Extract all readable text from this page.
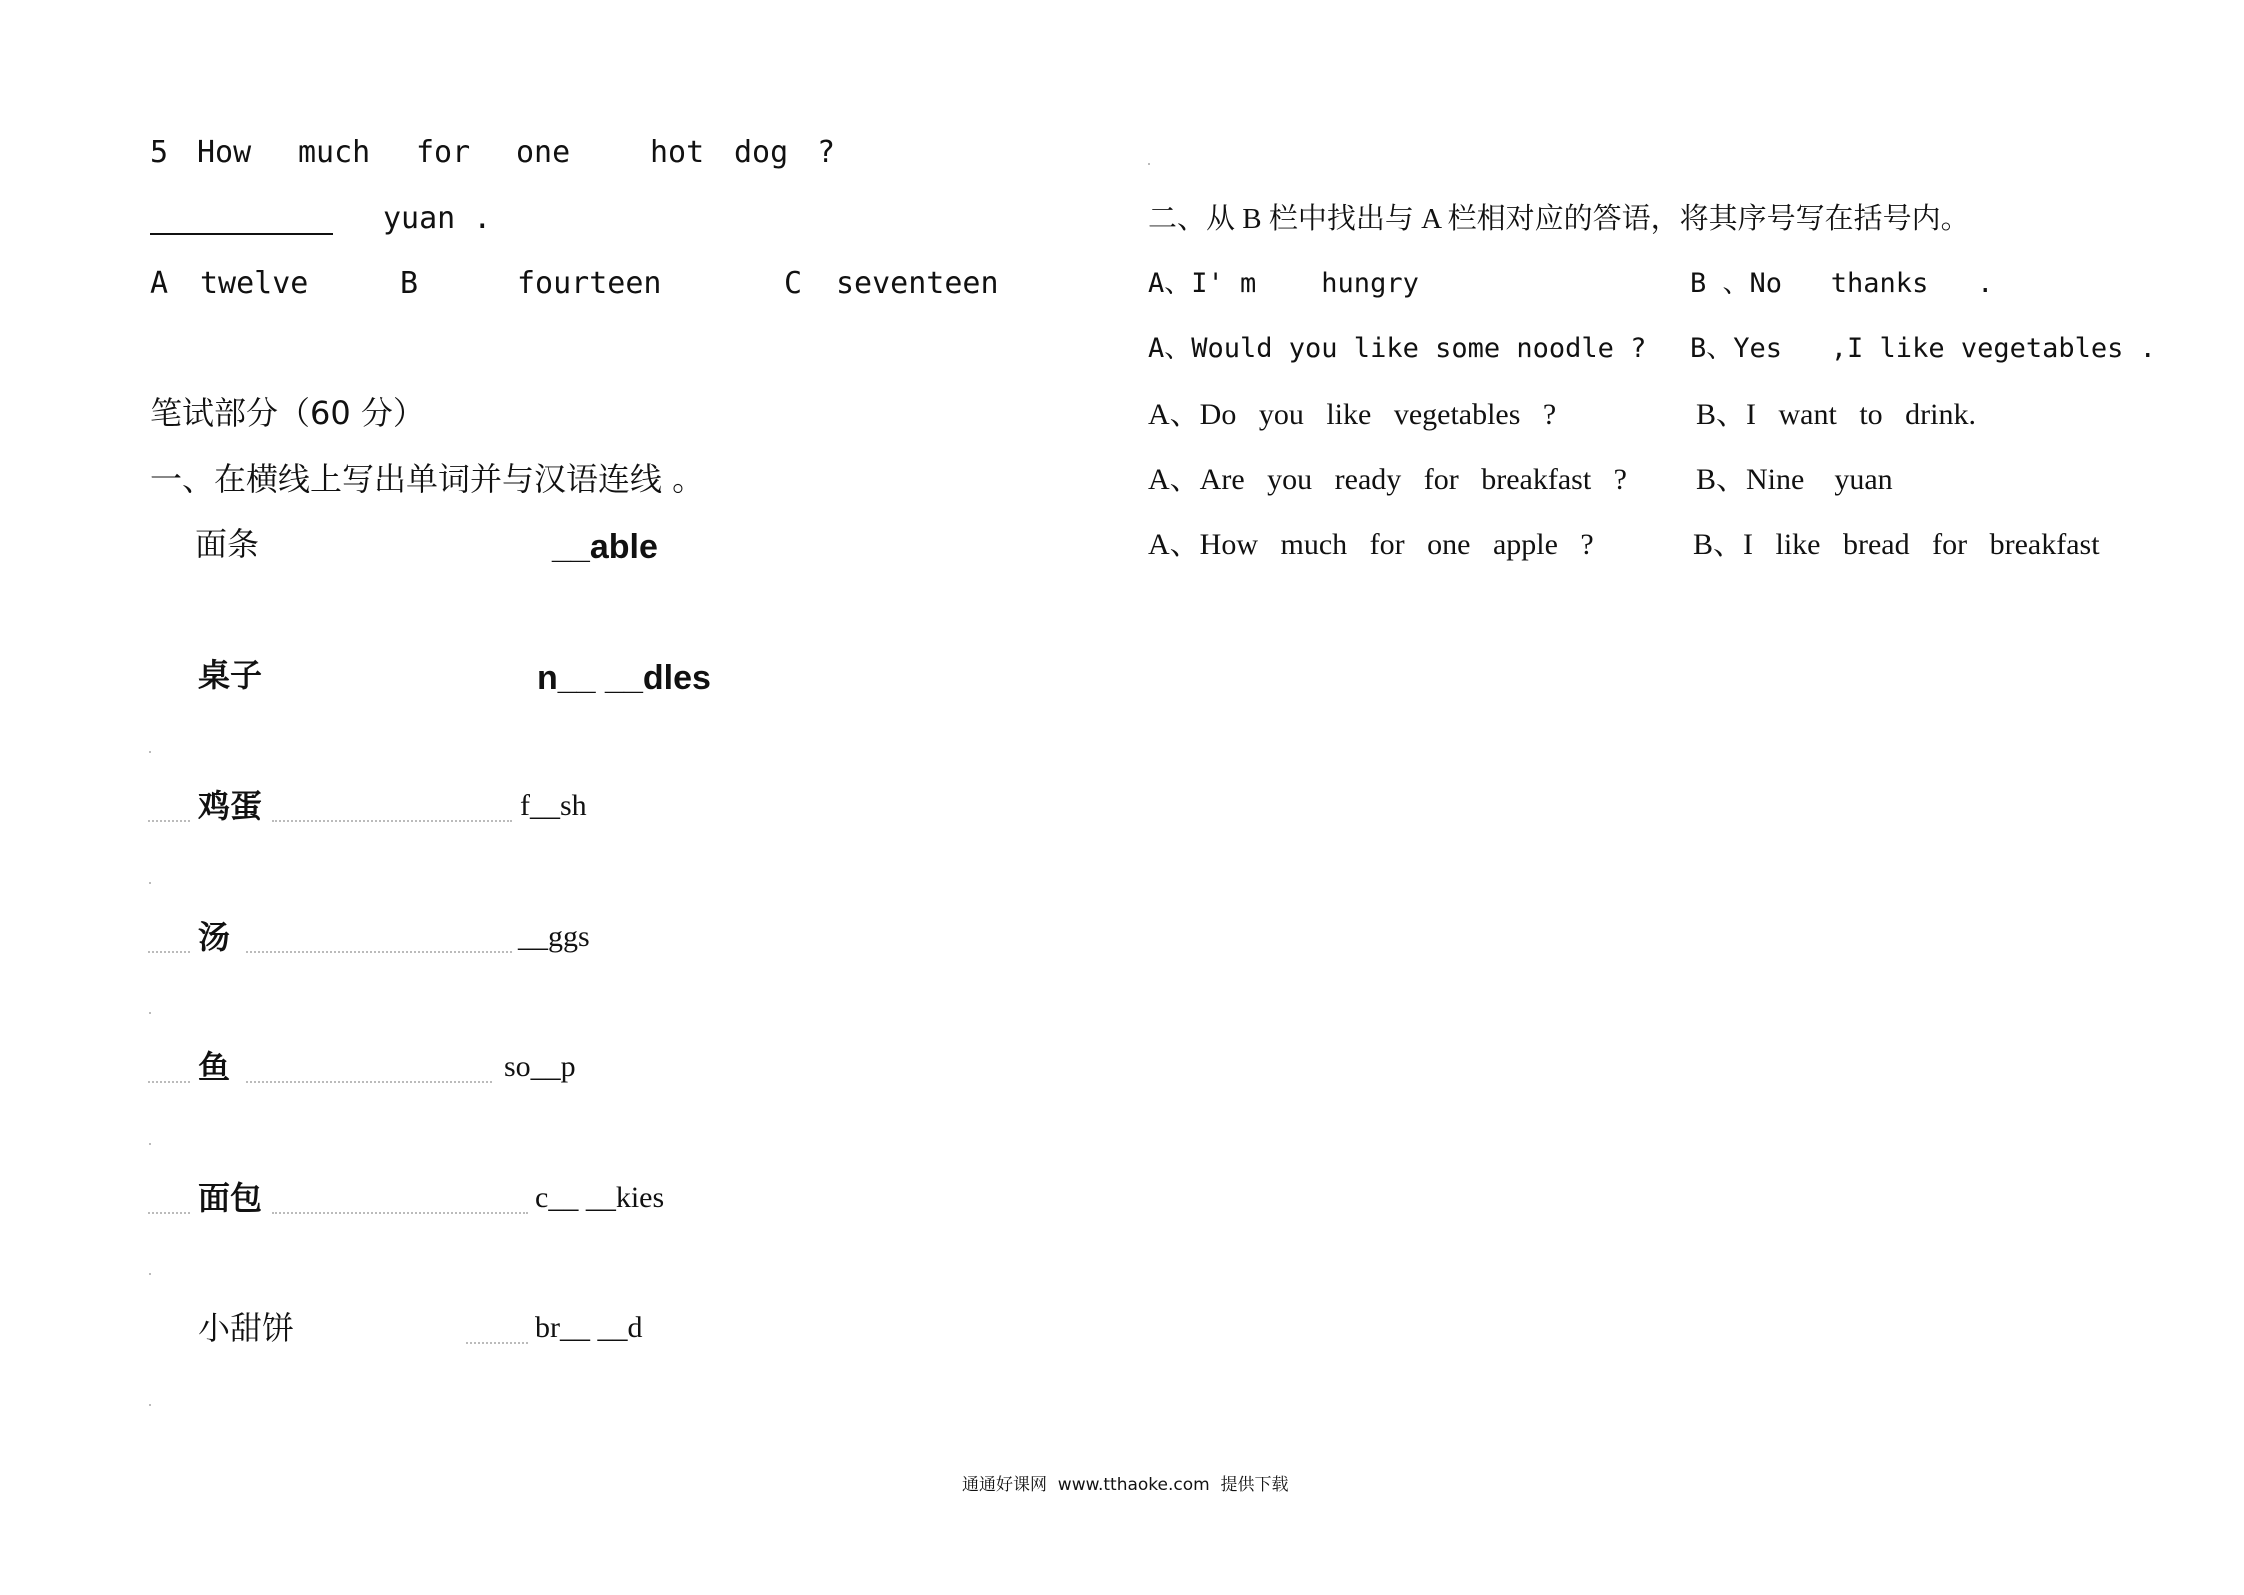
5 How much for one	hot dog ?
yuan .
A twelve	B	fourteen	C seventeen
笔试部分（60 分）
一、在横线上写出单词并与汉语连线 。
面条	__able
桌子	n__ __dles
鸡蛋	f__sh
汤	__ggs
鱼	so__p
面包	c__ __kies
小甜饼	br__ __d
二、从 B 栏中找出与 A 栏相对应的答语，将其序号写在括号内。
A、I' m    hungry	B 、No   thanks   .
A、Would you like some noodle ? B、Yes   ,I like vegetables .
A、Do   you   like   vegetables   ?	B、I   want   to   drink.
A、Are   you   ready   for   breakfast   ? B、Nine    yuan
A、How   much   for   one   apple   ?	B、I   like   bread   for   breakfast
通通好课网  www.tthaoke.com  提供下载
